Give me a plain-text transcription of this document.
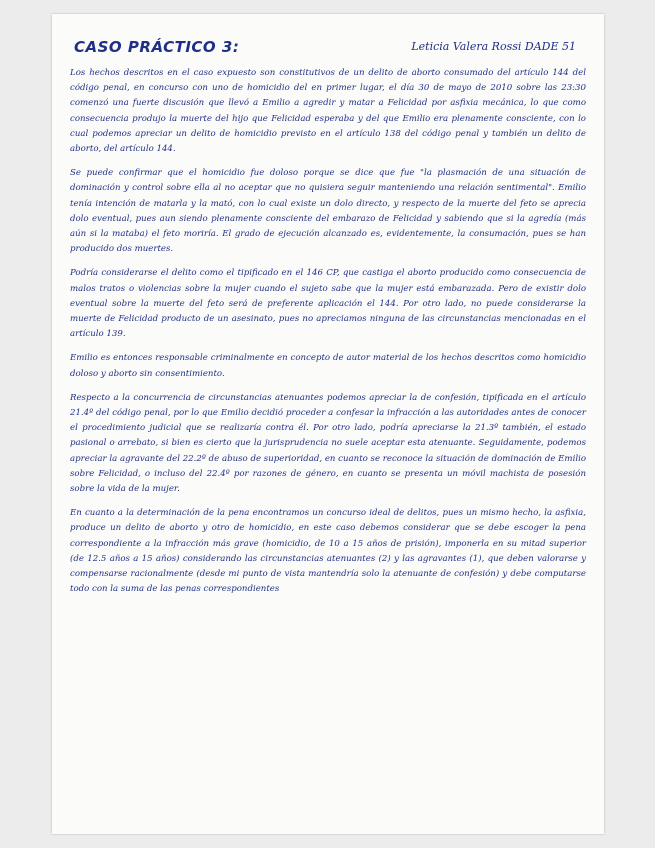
CASO PRÁCTICO 3:	Leticia Valera Rossi DADE 51

Los hechos descritos en el caso expuesto son constitutivos de un delito de aborto consumado del artículo 144 del código penal, en concurso con uno de homicidio del en primer lugar, el día 30 de mayo de 2010 sobre las 23:30 comenzó una fuerte discusión que llevó a Emilio a agredir y matar a Felicidad por asfixia mecánica, lo que como consecuencia produjo la muerte del hijo que Felicidad esperaba y del que Emilio era plenamente consciente, con lo cual podemos apreciar un delito de homicidio previsto en el artículo 138 del código penal y también un delito de aborto, del artículo 144.

Se puede confirmar que el homicidio fue doloso porque se dice que fue "la plasmación de una situación de dominación y control sobre ella al no aceptar que no quisiera seguir manteniendo una relación sentimental". Emilio tenía intención de matarla y la mató, con lo cual existe un dolo directo, y respecto de la muerte del feto se aprecia dolo eventual, pues aun siendo plenamente consciente del embarazo de Felicidad y sabiendo que si la agredía (más aún si la mataba) el feto moriría. El grado de ejecución alcanzado es, evidentemente, la consumación, pues se han producido dos muertes.

Podría considerarse el delito como el tipificado en el 146 CP, que castiga el aborto producido como consecuencia de malos tratos o violencias sobre la mujer cuando el sujeto sabe que la mujer está embarazada. Pero de existir dolo eventual sobre la muerte del feto será de preferente aplicación el 144. Por otro lado, no puede considerarse la muerte de Felicidad producto de un asesinato, pues no apreciamos ninguna de las circunstancias mencionadas en el artículo 139.

Emilio es entonces responsable criminalmente en concepto de autor material de los hechos descritos como homicidio doloso y aborto sin consentimiento.

Respecto a la concurrencia de circunstancias atenuantes podemos apreciar la de confesión, tipificada en el artículo 21.4º del código penal, por lo que Emilio decidió proceder a confesar la infracción a las autoridades antes de conocer el procedimiento judicial que se realizaría contra él. Por otro lado, podría apreciarse la 21.3º también, el estado pasional o arrebato, si bien es cierto que la jurisprudencia no suele aceptar esta atenuante. Seguidamente, podemos apreciar la agravante del 22.2º de abuso de superioridad, en cuanto se reconoce la situación de dominación de Emilio sobre Felicidad, o incluso del 22.4º por razones de género, en cuanto se presenta un móvil machista de posesión sobre la vida de la mujer.

En cuanto a la determinación de la pena encontramos un concurso ideal de delitos, pues un mismo hecho, la asfixia, produce un delito de aborto y otro de homicidio, en este caso debemos considerar que se debe escoger la pena correspondiente a la infracción más grave (homicidio, de 10 a 15 años de prisión), imponerla en su mitad superior (de 12.5 años a 15 años) considerando las circunstancias atenuantes (2) y las agravantes (1), que deben valorarse y compensarse racionalmente (desde mi punto de vista mantendría solo la atenuante de confesión) y debe computarse todo con la suma de las penas correspondientes
